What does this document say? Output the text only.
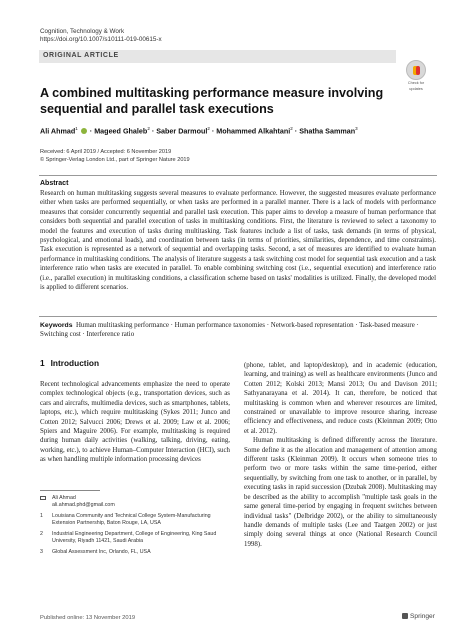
Cognition, Technology & Work
https://doi.org/10.1007/s10111-019-00615-x
Check for
updates
ORIGINAL ARTICLE
A combined multitasking performance measure involving sequential and parallel task executions
Ali Ahmad$^1$  · Mageed Ghaleb$^2$ · Saber Darmoul$^2$ · Mohammed Alkahtani$^2$ · Shatha Samman$^3$
Received: 6 April 2019 / Accepted: 6 November 2019
© Springer-Verlag London Ltd., part of Springer Nature 2019
Abstract

Research on human multitasking suggests several measures to evaluate performance. However, the suggested measures evaluate performance either when tasks are performed sequentially, or when tasks are performed in a parallel manner. There is a lack of models with performance measures that consider concurrently sequential and parallel task execution. This paper aims to develop a measure of human performance that considers both sequential and parallel execution of tasks in multitasking conditions. First, the literature is reviewed to select a taxonomy to model the features and execution of tasks during multitasking. Task features include a list of tasks, task demands (in terms of physical, psychological, and emotional loads), and coordination between tasks (in terms of priorities, similarities, dependence, and time constraints). Task execution is represented as a network of sequential and overlapping tasks. Second, a set of measures are identified to evaluate human performance in multitasking conditions. The analysis of literature suggests a task switching cost model for sequential task execution and a task interference ratio when tasks are executed in parallel. To enable combining switching cost (i.e., sequential execution) and interference ratio (i.e., parallel execution) in multitasking conditions, a classification scheme based on tasks' modalities is utilized. Finally, the developed model is applied to different scenarios.

Keywords Human multitasking performance · Human performance taxonomies · Network-based representation · Task-based measure · Switching cost · Interference ratio
1 Introduction

Recent technological advancements emphasize the need to operate complex technological objects (e.g., transportation devices, such as cars and aircrafts, multimedia devices, such as smartphones, tablets, laptops, etc.), which require multitasking (Sykes 2011; Junco and Cotten 2012; Salvucci 2006; Drews et al. 2009; Law et al. 2006; Spiers and Maguire 2006). For example, multitasking is required during human daily activities (walking, talking, driving, eating, working, etc.), to achieve Human–Computer Interaction (HCI), such as when handling multiple information processing devices

(phone, tablet, and laptop/desktop), and in academic (education, learning, and training) as well as healthcare environments (Junco and Cotten 2012; Kolski 2013; Mansi 2013; Ou and Davison 2011; Sathyanarayana et al. 2014). It can, therefore, be noticed that multitasking is common when and wherever resources are limited, constrained or unavailable to improve resource sharing, increase efficiency and effectiveness, and reduce costs (Kleinman 2009; Otto et al. 2012).

Human multitasking is defined differently across the literature. Some define it as the allocation and management of attention among different tasks (Kleinman 2009). It occurs when someone tries to perform two or more tasks within the same time-period, either sequentially, by switching from one task to another, or in parallel, by executing tasks in rapid succession (Dzubak 2008). Multitasking may be described as the ability to accomplish "multiple task goals in the same general time-period by engaging in frequent switches between individual tasks" (Delbridge 2002), or the ability to simultaneously handle demands of multiple tasks (Lee and Taatgen 2002) or just simply doing several things at once (National Research Council 1998).

Ali Ahmad
ali.ahmad.phd@gmail.com
1	Louisiana Community and Technical College System-Manufacturing Extension Partnership, Baton Rouge, LA, USA
2	Industrial Engineering Department, College of Engineering, King Saud University, Riyadh 11421, Saudi Arabia
3	Global Assessment Inc, Orlando, FL, USA
Published online: 13 November 2019	Springer
